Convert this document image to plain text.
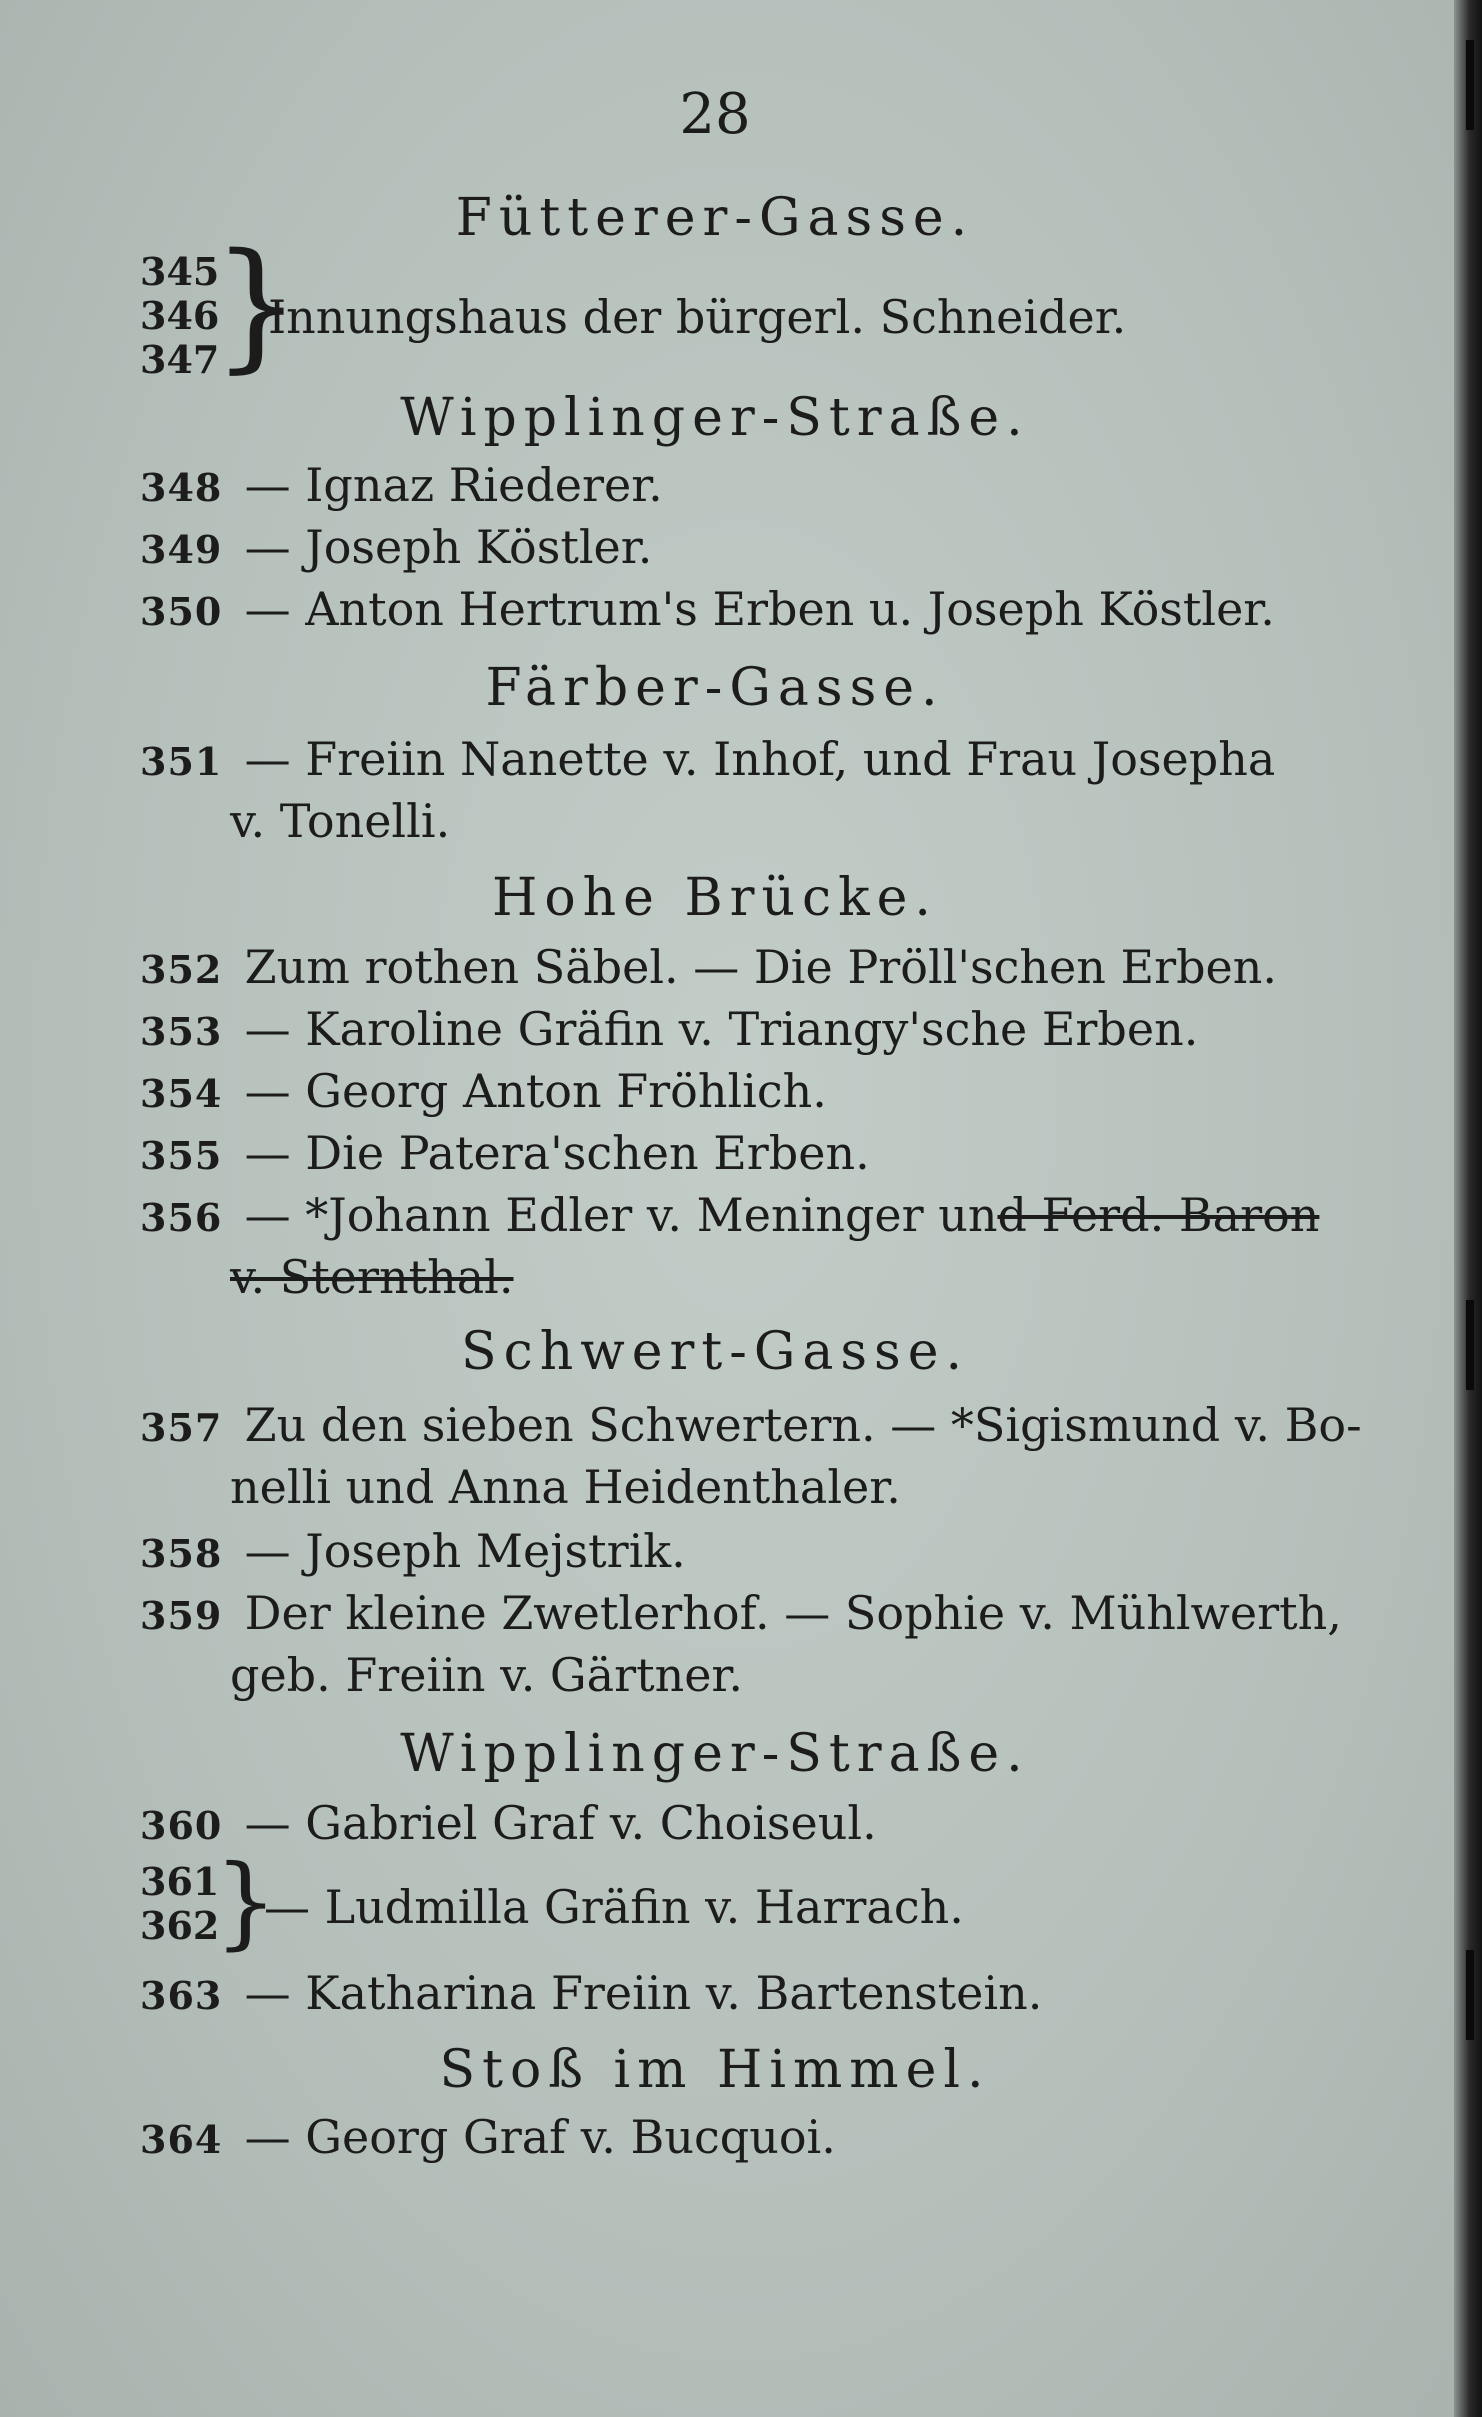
28
Fütterer-Gasse.
345
346
347
}
Innungshaus der bürgerl. Schneider.
Wipplinger-Straße.
348 — Ignaz Riederer.
349 — Joseph Köstler.
350 — Anton Hertrum's Erben u. Joseph Köstler.
Färber-Gasse.
351 — Freiin Nanette v. Inhof, und Frau Josepha
v. Tonelli.
Hohe Brücke.
352 Zum rothen Säbel. — Die Pröll'schen Erben.
353 — Karoline Gräfin v. Triangy'sche Erben.
354 — Georg Anton Fröhlich.
355 — Die Patera'schen Erben.
356 — *Johann Edler v. Meninger und Ferd. Baron
v. Sternthal.
Schwert-Gasse.
357 Zu den sieben Schwertern. — *Sigismund v. Bo-
nelli und Anna Heidenthaler.
358 — Joseph Mejstrik.
359 Der kleine Zwetlerhof. — Sophie v. Mühlwerth,
geb. Freiin v. Gärtner.
Wipplinger-Straße.
360 — Gabriel Graf v. Choiseul.
361
362
}
— Ludmilla Gräfin v. Harrach.
363 — Katharina Freiin v. Bartenstein.
Stoß im Himmel.
364 — Georg Graf v. Bucquoi.
